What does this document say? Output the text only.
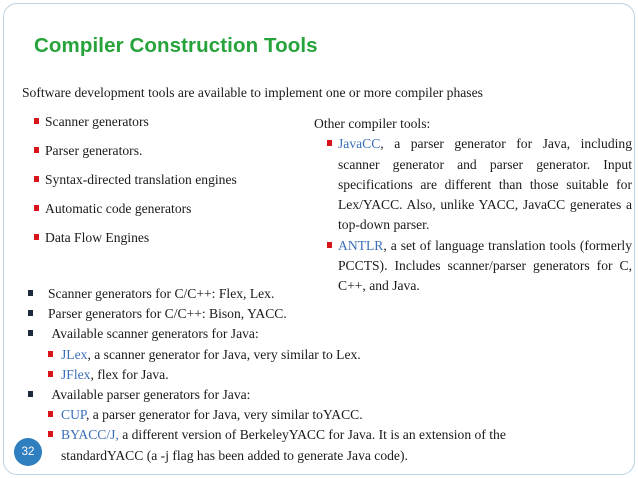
Compiler Construction Tools
Software development tools are available to implement one or more compiler phases
Scanner generators
Parser generators.
Syntax-directed translation engines
Automatic code generators
Data Flow Engines
Other compiler tools:
JavaCC, a parser generator for Java, including scanner generator and parser generator. Input specifications are different than those suitable for Lex/YACC. Also, unlike YACC, JavaCC generates a top-down parser.
ANTLR, a set of language translation tools (formerly PCCTS). Includes scanner/parser generators for C, C++, and Java.
Scanner generators for C/C++: Flex, Lex.
Parser generators for C/C++: Bison, YACC.
Available scanner generators for Java:
JLex, a scanner generator for Java, very similar to Lex.
JFlex, flex for Java.
Available parser generators for Java:
CUP, a parser generator for Java, very similar toYACC.
BYACC/J, a different version of BerkeleyYACC for Java. It is an extension of the
standardYACC (a -j flag has been added to generate Java code).
32
